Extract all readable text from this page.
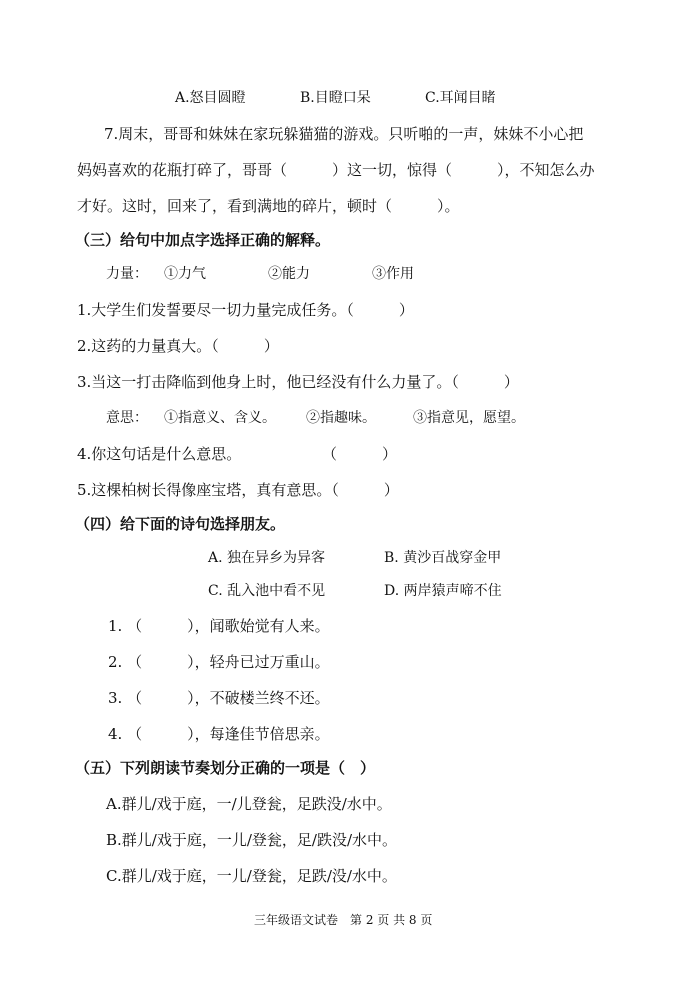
A.怒目圆瞪	B.目瞪口呆	C.耳闻目睹
7.周末，哥哥和妹妹在家玩躲猫猫的游戏。只听啪的一声，妹妹不小心把
妈妈喜欢的花瓶打碎了，哥哥（　　　）这一切，惊得（　　　），不知怎么办
才好。这时，回来了，看到满地的碎片，顿时（　　　）。
（三）给句中加点字选择正确的解释。
力量： ①力气	②能力	③作用
1.大学生们发誓要尽一切力量完成任务。（　　　）
2.这药的力量真大。（　　　）
3.当这一打击降临到他身上时，他已经没有什么力量了。（　　　）
意思： ①指意义、含义。 ②指趣味。	③指意见，愿望。
4.你这句话是什么意思。	（　　　）
5.这棵柏树长得像座宝塔，真有意思。（　　　）
（四）给下面的诗句选择朋友。
A. 独在异乡为异客	B. 黄沙百战穿金甲
C. 乱入池中看不见	D. 两岸猿声啼不住
1. （　　　），闻歌始觉有人来。
2. （　　　），轻舟已过万重山。
3. （　　　），不破楼兰终不还。
4. （　　　），每逢佳节倍思亲。
（五）下列朗读节奏划分正确的一项是（　）
A.群儿/戏于庭，一/儿登瓮，足跌没/水中。
B.群儿/戏于庭，一儿/登瓮，足/跌没/水中。
C.群儿/戏于庭，一儿/登瓮，足跌/没/水中。
三年级语文试卷　第 2 页 共 8 页
